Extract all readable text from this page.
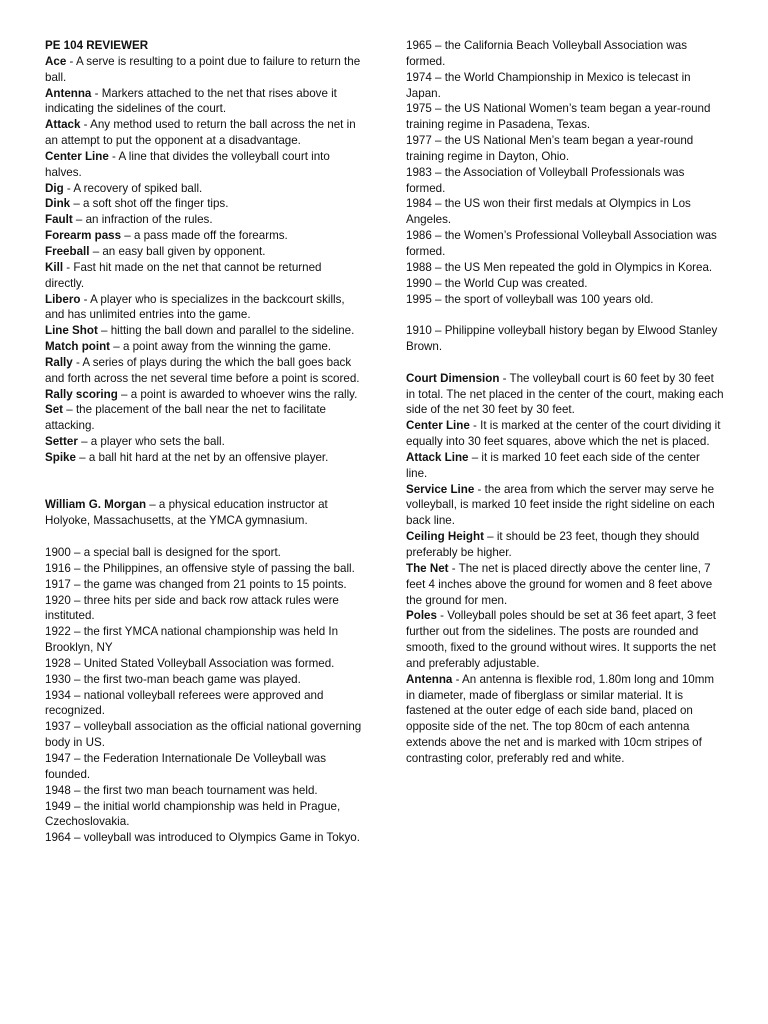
PE 104 REVIEWER

Ace - A serve is resulting to a point due to failure to return the ball.

Antenna - Markers attached to the net that rises above it indicating the sidelines of the court.

Attack - Any method used to return the ball across the net in an attempt to put the opponent at a disadvantage.

Center Line - A line that divides the volleyball court into halves.

Dig - A recovery of spiked ball.

Dink – a soft shot off the finger tips.

Fault – an infraction of the rules.

Forearm pass – a pass made off the forearms.

Freeball – an easy ball given by opponent.

Kill - Fast hit made on the net that cannot be returned directly.

Libero - A player who is specializes in the backcourt skills, and has unlimited entries into the game.

Line Shot – hitting the ball down and parallel to the sideline.

Match point – a point away from the winning the game.

Rally - A series of plays during the which the ball goes back and forth across the net several time before a point is scored.

Rally scoring – a point is awarded to whoever wins the rally.

Set – the placement of the ball near the net to facilitate attacking.

Setter – a player who sets the ball.

Spike – a ball hit hard at the net by an offensive player.

William G. Morgan – a physical education instructor at Holyoke, Massachusetts, at the YMCA gymnasium.

1900 – a special ball is designed for the sport.

1916 – the Philippines, an offensive style of passing the ball.

1917 – the game was changed from 21 points to 15 points.

1920 – three hits per side and back row attack rules were instituted.

1922 – the first YMCA national championship was held In Brooklyn, NY

1928 – United Stated Volleyball Association was formed.

1930 – the first two-man beach game was played.

1934 – national volleyball referees were approved and recognized.

1937 – volleyball association as the official national governing body in US.

1947 – the Federation Internationale De Volleyball was founded.

1948 – the first two man beach tournament was held.

1949 – the initial world championship was held in Prague, Czechoslovakia.

1964 – volleyball was introduced to Olympics Game in Tokyo.

1965 – the California Beach Volleyball Association was formed.

1974 – the World Championship in Mexico is telecast in Japan.

1975 – the US National Women’s team began a year-round training regime in Pasadena, Texas.

1977 – the US National Men’s team began a year-round training regime in Dayton, Ohio.

1983 – the Association of Volleyball Professionals was formed.

1984 – the US won their first medals at Olympics in Los Angeles.

1986 – the Women’s Professional Volleyball Association was formed.

1988 – the US Men repeated the gold in Olympics in Korea.

1990 – the World Cup was created.

1995 – the sport of volleyball was 100 years old.

1910 – Philippine volleyball history began by Elwood Stanley Brown.

Court Dimension - The volleyball court is 60 feet by 30 feet in total. The net placed in the center of the court, making each side of the net 30 feet by 30 feet.

Center Line - It is marked at the center of the court dividing it equally into 30 feet squares, above which the net is placed.

Attack Line – it is marked 10 feet each side of the center line.

Service Line - the area from which the server may serve he volleyball, is marked 10 feet inside the right sideline on each back line.

Ceiling Height – it should be 23 feet, though they should preferably be higher.

The Net - The net is placed directly above the center line, 7 feet 4 inches above the ground for women and 8 feet above the ground for men.

Poles - Volleyball poles should be set at 36 feet apart, 3 feet further out from the sidelines. The posts are rounded and smooth, fixed to the ground without wires. It supports the net and preferably adjustable.

Antenna - An antenna is flexible rod, 1.80m long and 10mm in diameter, made of fiberglass or similar material. It is fastened at the outer edge of each side band, placed on opposite side of the net. The top 80cm of each antenna extends above the net and is marked with 10cm stripes of contrasting color, preferably red and white.
